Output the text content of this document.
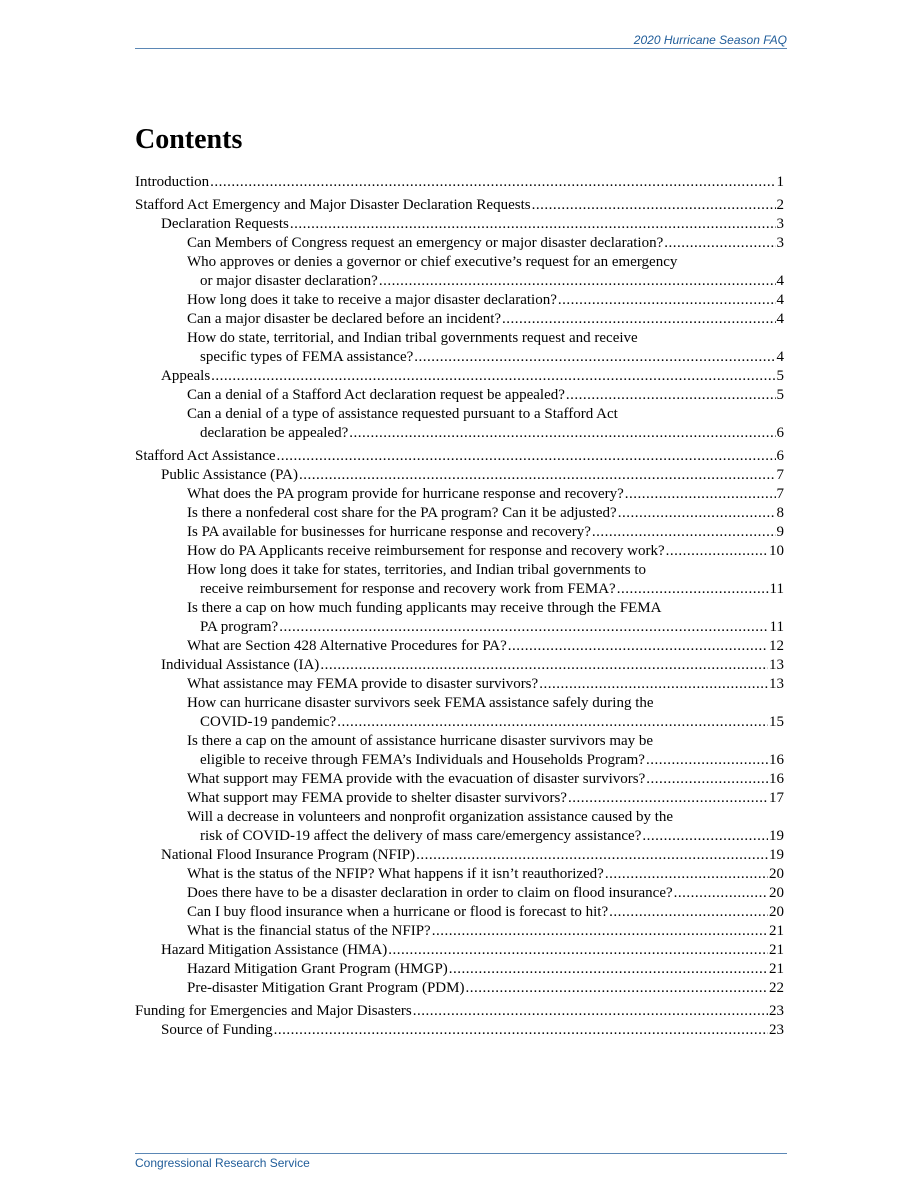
2020 Hurricane Season FAQ
Contents
Introduction .....	1
Stafford Act Emergency and Major Disaster Declaration Requests .....	2
Declaration Requests .....	3
Can Members of Congress request an emergency or major disaster declaration? .....	3
Who approves or denies a governor or chief executive’s request for an emergency
or major disaster declaration? .....	4
How long does it take to receive a major disaster declaration? .....	4
Can a major disaster be declared before an incident? .....	4
How do state, territorial, and Indian tribal governments request and receive
specific types of FEMA assistance? .....	4
Appeals .....	5
Can a denial of a Stafford Act declaration request be appealed? .....	5
Can a denial of a type of assistance requested pursuant to a Stafford Act
declaration be appealed? .....	6
Stafford Act Assistance .....	6
Public Assistance (PA) .....	7
What does the PA program provide for hurricane response and recovery? .....	7
Is there a nonfederal cost share for the PA program? Can it be adjusted? .....	8
Is PA available for businesses for hurricane response and recovery? .....	9
How do PA Applicants receive reimbursement for response and recovery work? .....	10
How long does it take for states, territories, and Indian tribal governments to
receive reimbursement for response and recovery work from FEMA? .....	11
Is there a cap on how much funding applicants may receive through the FEMA
PA program? .....	11
What are Section 428 Alternative Procedures for PA? .....	12
Individual Assistance (IA) .....	13
What assistance may FEMA provide to disaster survivors? .....	13
How can hurricane disaster survivors seek FEMA assistance safely during the
COVID-19 pandemic? .....	15
Is there a cap on the amount of assistance hurricane disaster survivors may be
eligible to receive through FEMA’s Individuals and Households Program? .....	16
What support may FEMA provide with the evacuation of disaster survivors? .....	16
What support may FEMA provide to shelter disaster survivors? .....	17
Will a decrease in volunteers and nonprofit organization assistance caused by the
risk of COVID-19 affect the delivery of mass care/emergency assistance? .....	19
National Flood Insurance Program (NFIP) .....	19
What is the status of the NFIP? What happens if it isn’t reauthorized? .....	20
Does there have to be a disaster declaration in order to claim on flood insurance? .....	20
Can I buy flood insurance when a hurricane or flood is forecast to hit? .....	20
What is the financial status of the NFIP? .....	21
Hazard Mitigation Assistance (HMA) .....	21
Hazard Mitigation Grant Program (HMGP) .....	21
Pre-disaster Mitigation Grant Program (PDM) .....	22
Funding for Emergencies and Major Disasters .....	23
Source of Funding .....	23
Congressional Research Service
